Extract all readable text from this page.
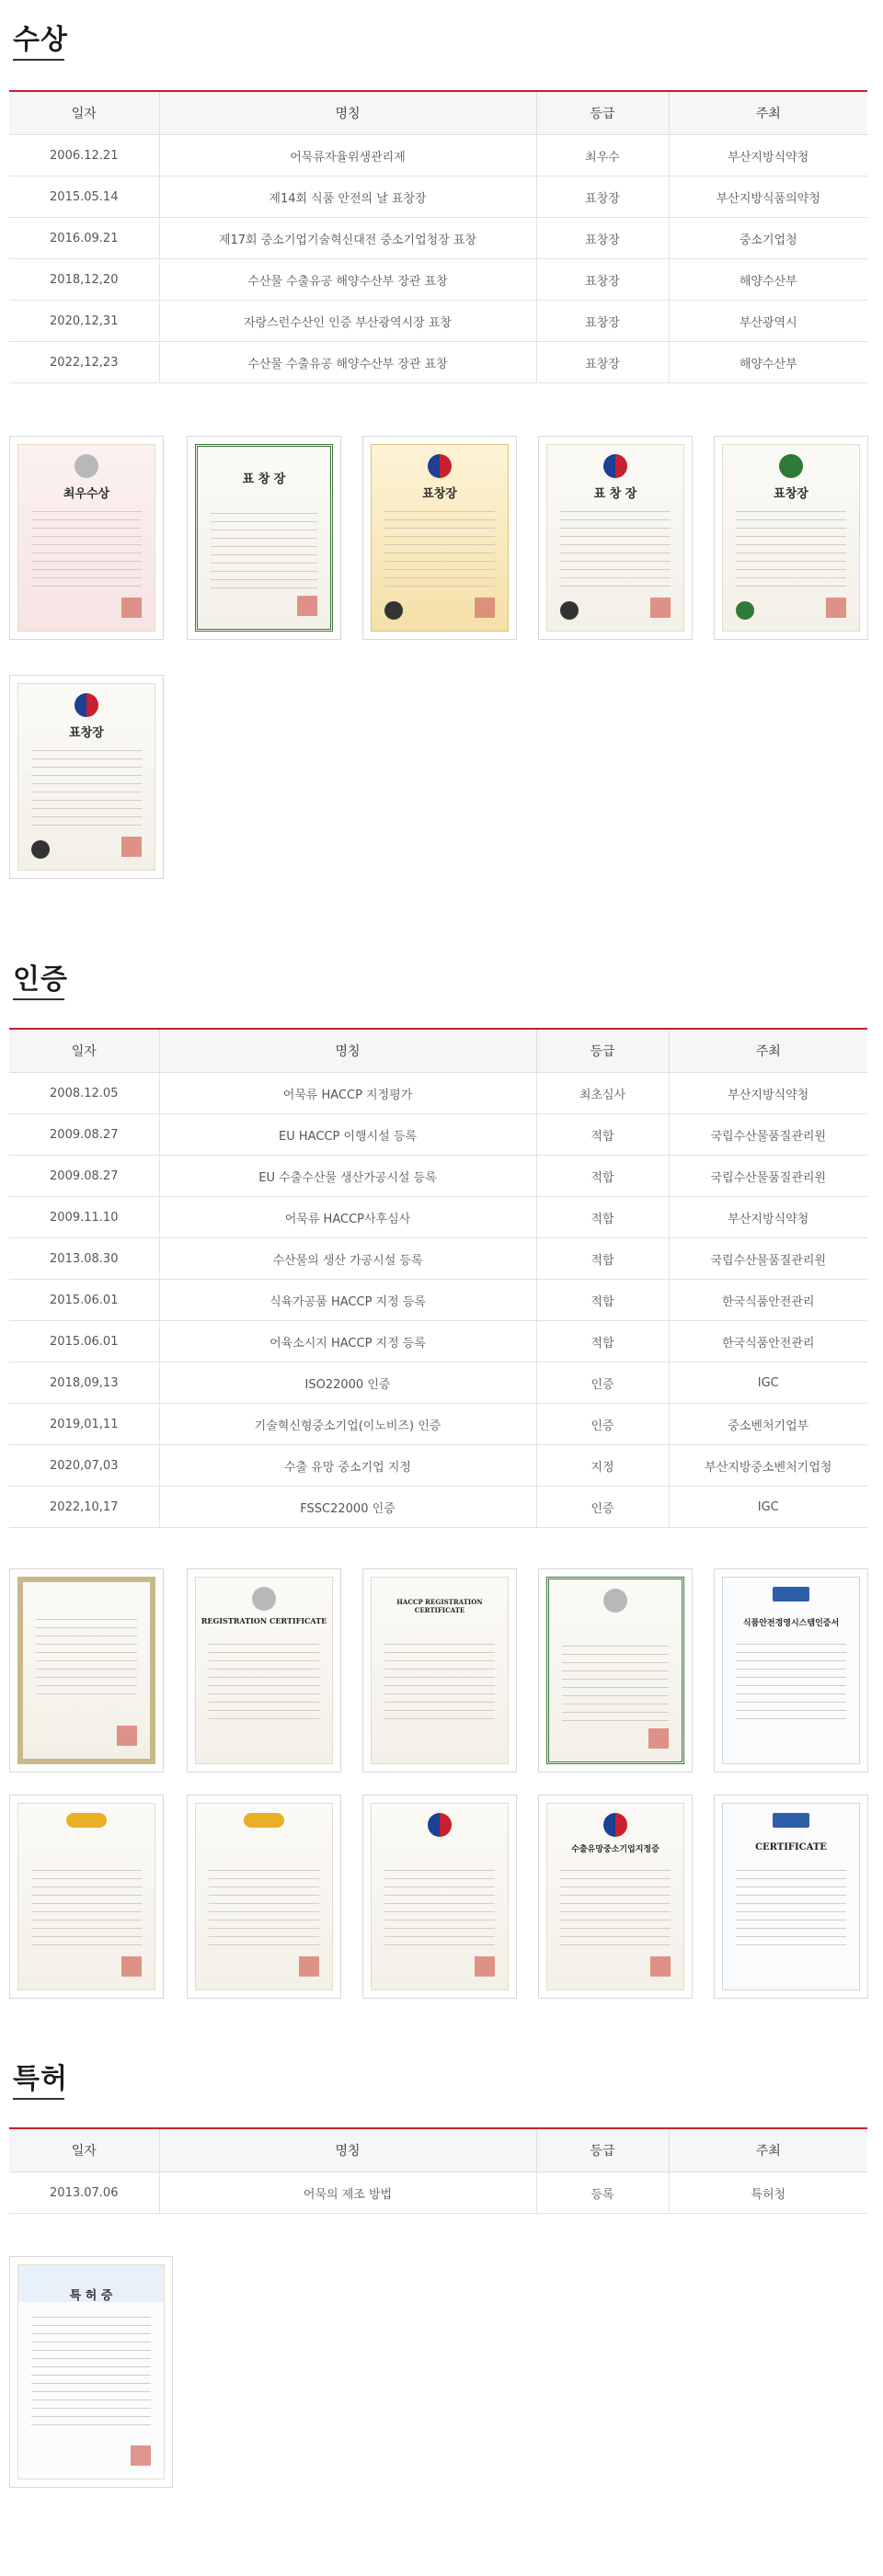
수상
일자	명칭	등급	주최
2006.12.21	어묵류자율위생관리제	최우수	부산지방식약청
2015.05.14	제14회 식품 안전의 날 표창장	표창장	부산지방식품의약청
2016.09.21	제17회 중소기업기술혁신대전 중소기업청장 표창	표창장	중소기업청
2018,12,20	수산물 수출유공 해양수산부 장관 표창	표창장	해양수산부
2020,12,31	자랑스런수산인 인증 부산광역시장 표창	표창장	부산광역시
2022,12,23	수산물 수출유공 해양수산부 장관 표창	표창장	해양수산부
최우수상
표 창 장
표창장	표 창 장	표창장
표창장
인증
일자	명칭	등급	주최
2008.12.05	어묵류 HACCP 지정평가	최초심사	부산지방식약청
2009.08.27	EU HACCP 이행시설 등록	적합	국립수산물품질관리원
2009.08.27	EU 수출수산물 생산가공시설 등록	적합	국립수산물품질관리원
2009.11.10	어묵류 HACCP사후심사	적합	부산지방식약청
2013.08.30	수산물의 생산 가공시설 등록	적합	국립수산물품질관리원
2015.06.01	식육가공품 HACCP 지정 등록	적합	한국식품안전관리
2015.06.01	어육소시지 HACCP 지정 등록	적합	한국식품안전관리
2018,09,13	ISO22000 인증	인증	IGC
2019,01,11	기술혁신형중소기업(이노비즈) 인증	인증	중소벤처기업부
2020,07,03	수출 유망 중소기업 지정	지정	부산지방중소벤처기업청
2022,10,17	FSSC22000 인증	인증	IGC
REGISTRATION CERTIFICATE
HACCP REGISTRATION CERTIFICATE
식품안전경영시스템인증서
수출유망중소기업지정증	CERTIFICATE
특허
일자	명칭	등급	주최
2013.07.06	어묵의 제조 방법	등록	특허청
특 허 증
